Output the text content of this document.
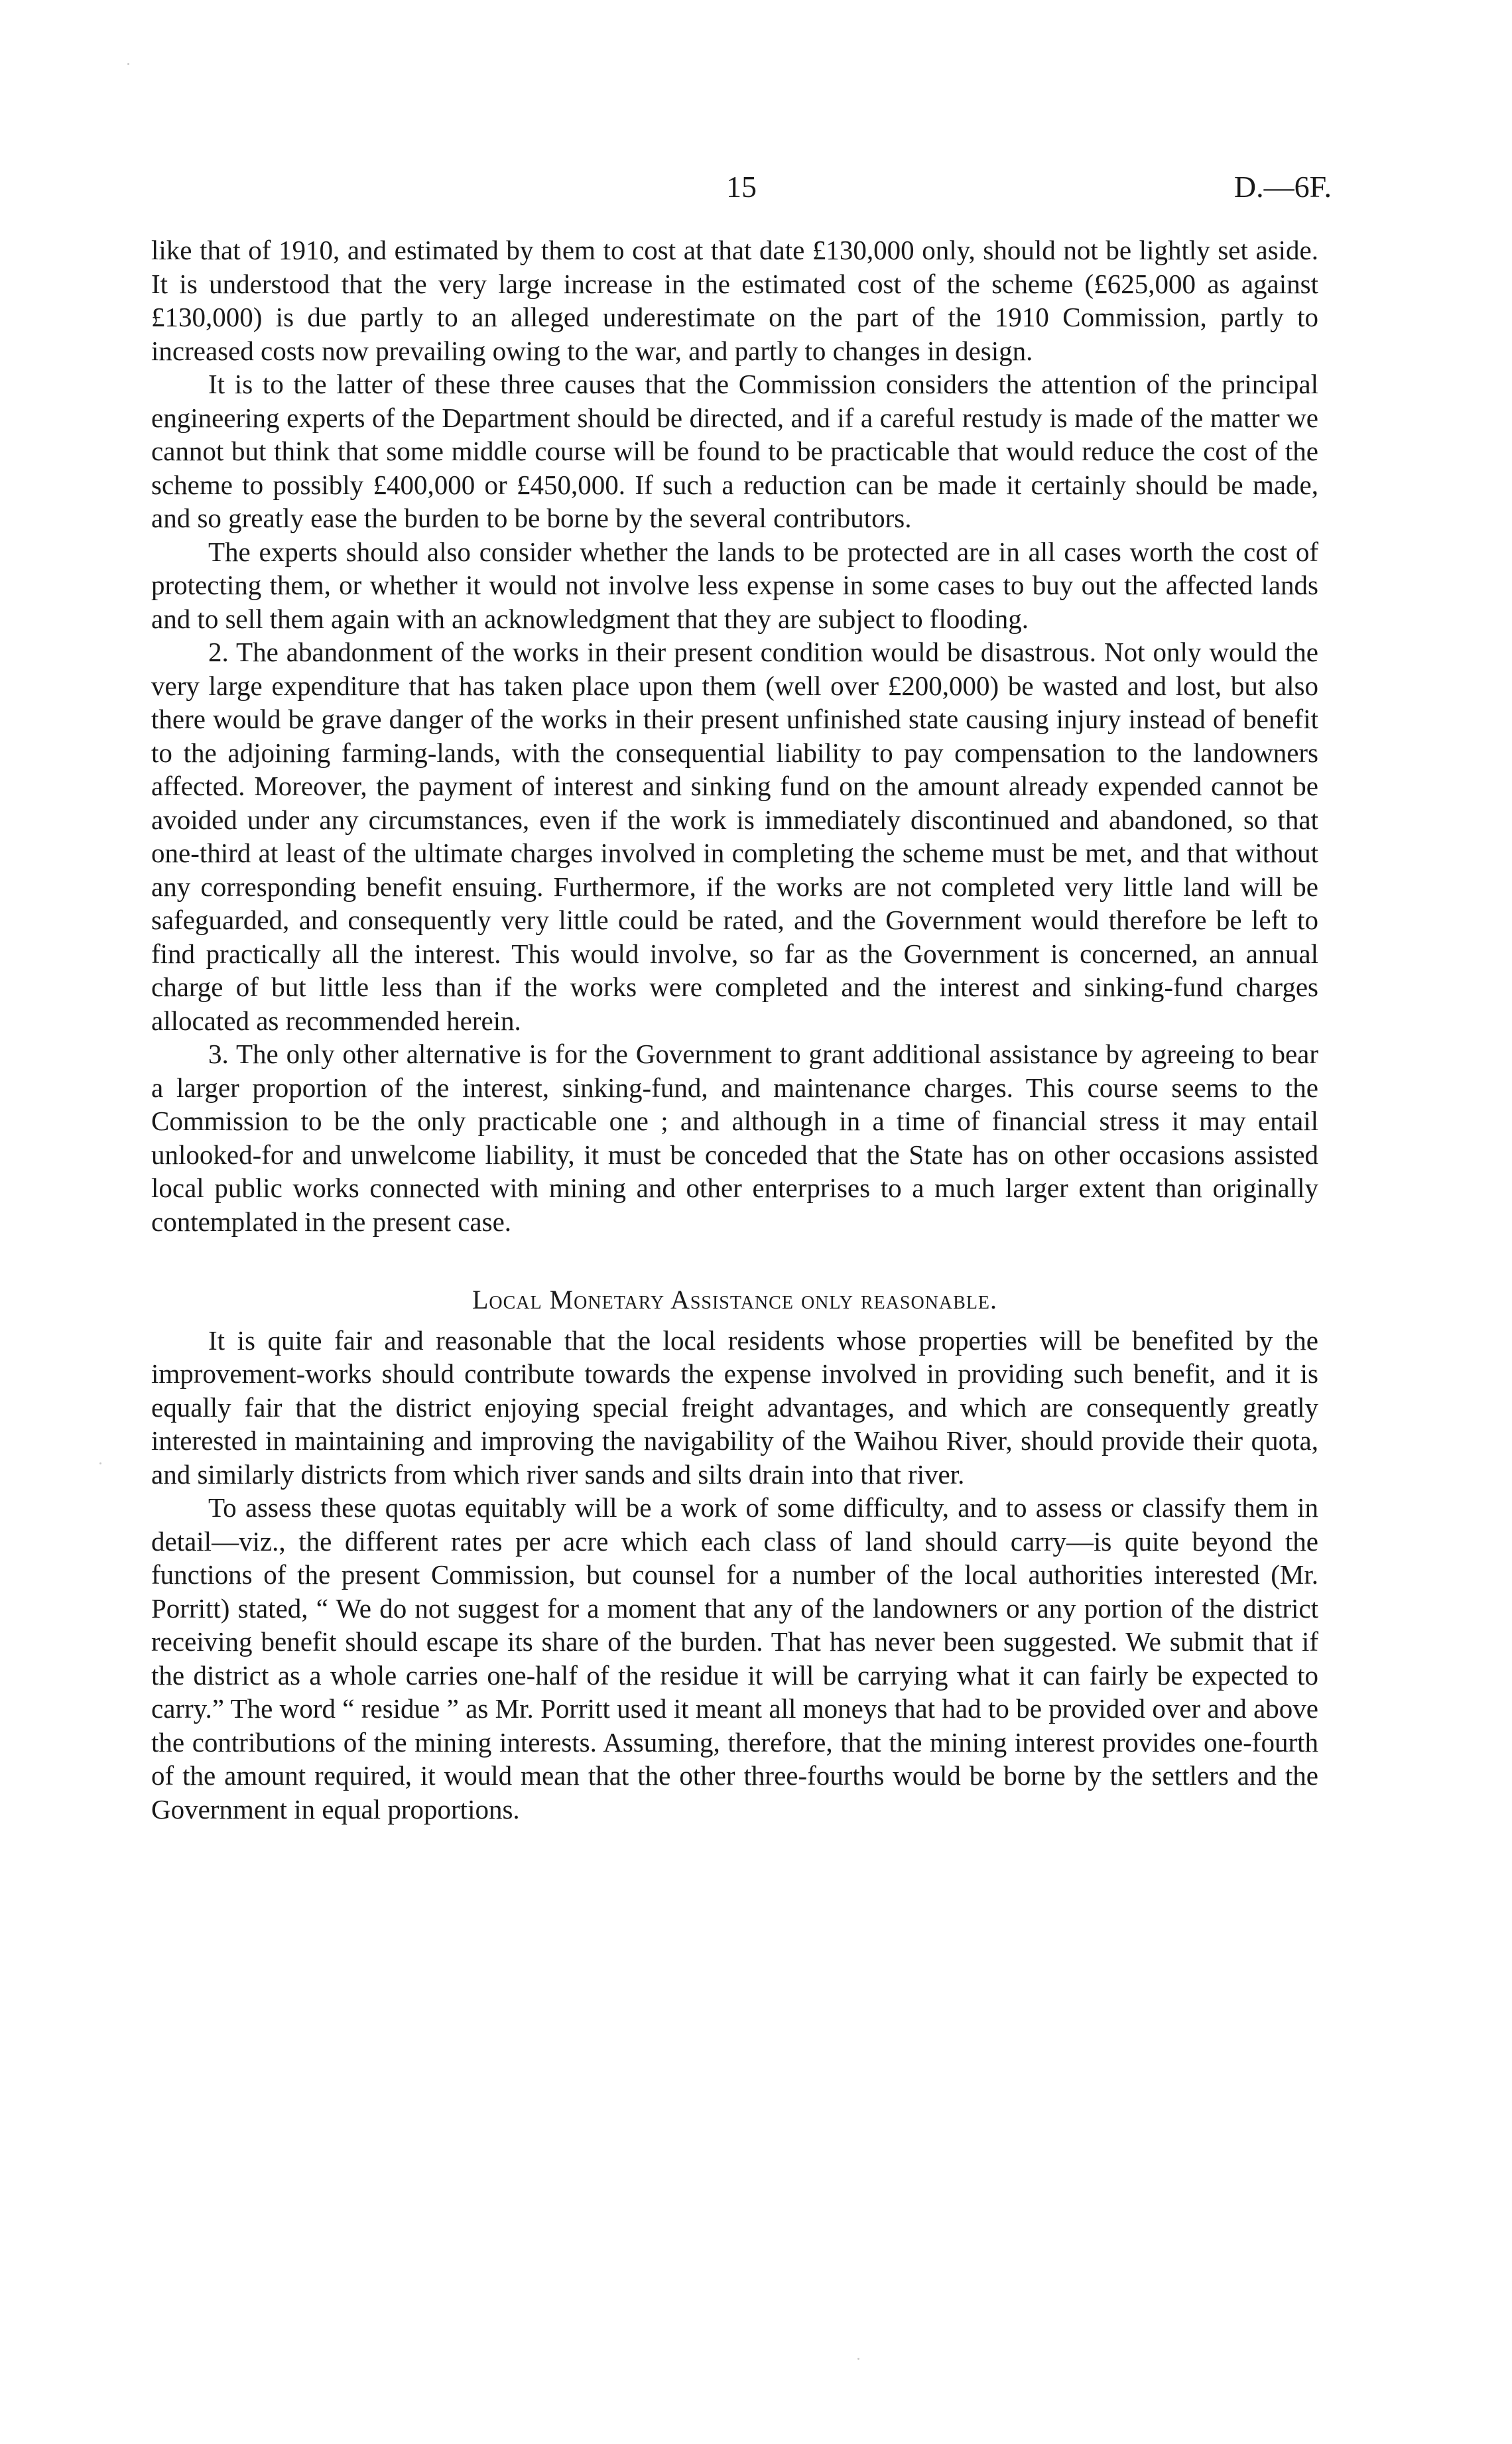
15	D.—6F.

like that of 1910, and estimated by them to cost at that date £130,000 only, should not be lightly set aside. It is understood that the very large increase in the estimated cost of the scheme (£625,000 as against £130,000) is due partly to an alleged underestimate on the part of the 1910 Commission, partly to increased costs now prevailing owing to the war, and partly to changes in design.

It is to the latter of these three causes that the Commission considers the attention of the principal engineering experts of the Department should be directed, and if a careful restudy is made of the matter we cannot but think that some middle course will be found to be practicable that would reduce the cost of the scheme to possibly £400,000 or £450,000. If such a reduction can be made it certainly should be made, and so greatly ease the burden to be borne by the several contributors.

The experts should also consider whether the lands to be protected are in all cases worth the cost of protecting them, or whether it would not involve less expense in some cases to buy out the affected lands and to sell them again with an acknowledgment that they are subject to flooding.

2. The abandonment of the works in their present condition would be disastrous. Not only would the very large expenditure that has taken place upon them (well over £200,000) be wasted and lost, but also there would be grave danger of the works in their present unfinished state causing injury instead of benefit to the adjoining farming-lands, with the consequential liability to pay compensation to the landowners affected. Moreover, the payment of interest and sinking fund on the amount already expended cannot be avoided under any circumstances, even if the work is immediately discontinued and abandoned, so that one-third at least of the ultimate charges involved in completing the scheme must be met, and that without any corresponding benefit ensuing. Furthermore, if the works are not completed very little land will be safeguarded, and consequently very little could be rated, and the Government would therefore be left to find practically all the interest. This would involve, so far as the Government is concerned, an annual charge of but little less than if the works were completed and the interest and sinking-fund charges allocated as recommended herein.

3. The only other alternative is for the Government to grant additional assistance by agreeing to bear a larger proportion of the interest, sinking-fund, and maintenance charges. This course seems to the Commission to be the only practicable one ; and although in a time of financial stress it may entail unlooked-for and unwelcome liability, it must be conceded that the State has on other occasions assisted local public works connected with mining and other enterprises to a much larger extent than originally contemplated in the present case.

Local Monetary Assistance only reasonable.

It is quite fair and reasonable that the local residents whose properties will be benefited by the improvement-works should contribute towards the expense involved in providing such benefit, and it is equally fair that the district enjoying special freight advantages, and which are consequently greatly interested in maintaining and improving the navigability of the Waihou River, should provide their quota, and similarly districts from which river sands and silts drain into that river.

To assess these quotas equitably will be a work of some difficulty, and to assess or classify them in detail—viz., the different rates per acre which each class of land should carry—is quite beyond the functions of the present Commission, but counsel for a number of the local authorities interested (Mr. Porritt) stated, “ We do not suggest for a moment that any of the landowners or any portion of the district receiving benefit should escape its share of the burden. That has never been suggested. We submit that if the district as a whole carries one-half of the residue it will be carrying what it can fairly be expected to carry.” The word “ residue ” as Mr. Porritt used it meant all moneys that had to be provided over and above the contributions of the mining interests. Assuming, therefore, that the mining interest provides one-fourth of the amount required, it would mean that the other three-fourths would be borne by the settlers and the Government in equal proportions.
